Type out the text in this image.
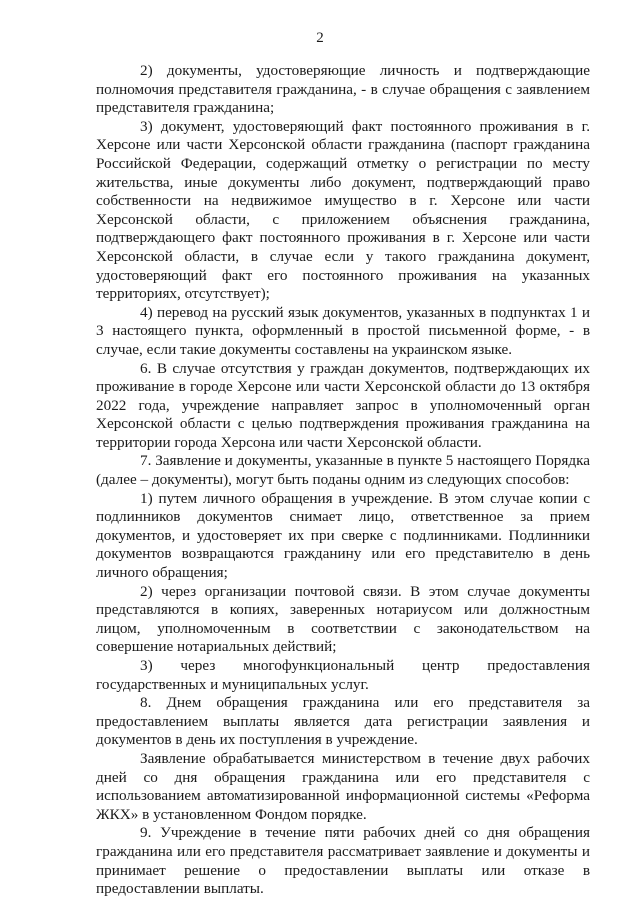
2

2) документы, удостоверяющие личность и подтверждающие полномочия представителя гражданина, - в случае обращения с заявлением представителя гражданина;

3) документ, удостоверяющий факт постоянного проживания в г. Херсоне или части Херсонской области гражданина (паспорт гражданина Российской Федерации, содержащий отметку о регистрации по месту жительства, иные документы либо документ, подтверждающий право собственности на недвижимое имущество в г. Херсоне или части Херсонской области, с приложением объяснения гражданина, подтверждающего факт постоянного проживания в г. Херсоне или части Херсонской области, в случае если у такого гражданина документ, удостоверяющий факт его постоянного проживания на указанных территориях, отсутствует);

4) перевод на русский язык документов, указанных в подпунктах 1 и 3 настоящего пункта, оформленный в простой письменной форме, - в случае, если такие документы составлены на украинском языке.

6. В случае отсутствия у граждан документов, подтверждающих их проживание в городе Херсоне или части Херсонской области до 13 октября 2022 года, учреждение направляет запрос в уполномоченный орган Херсонской области с целью подтверждения проживания гражданина на территории города Херсона или части Херсонской области.

7. Заявление и документы, указанные в пункте 5 настоящего Порядка (далее – документы), могут быть поданы одним из следующих способов:

1) путем личного обращения в учреждение. В этом случае копии с подлинников документов снимает лицо, ответственное за прием документов, и удостоверяет их при сверке с подлинниками. Подлинники документов возвращаются гражданину или его представителю в день личного обращения;

2) через организации почтовой связи. В этом случае документы представляются в копиях, заверенных нотариусом или должностным лицом, уполномоченным в соответствии с законодательством на совершение нотариальных действий;

3) через многофункциональный центр предоставления государственных и муниципальных услуг.

8. Днем обращения гражданина или его представителя за предоставлением выплаты является дата регистрации заявления и документов в день их поступления в учреждение.

Заявление обрабатывается министерством в течение двух рабочих дней со дня обращения гражданина или его представителя с использованием автоматизированной информационной системы «Реформа ЖКХ» в установленном Фондом порядке.

9. Учреждение в течение пяти рабочих дней со дня обращения гражданина или его представителя рассматривает заявление и документы и принимает решение о предоставлении выплаты или отказе в предоставлении выплаты.
